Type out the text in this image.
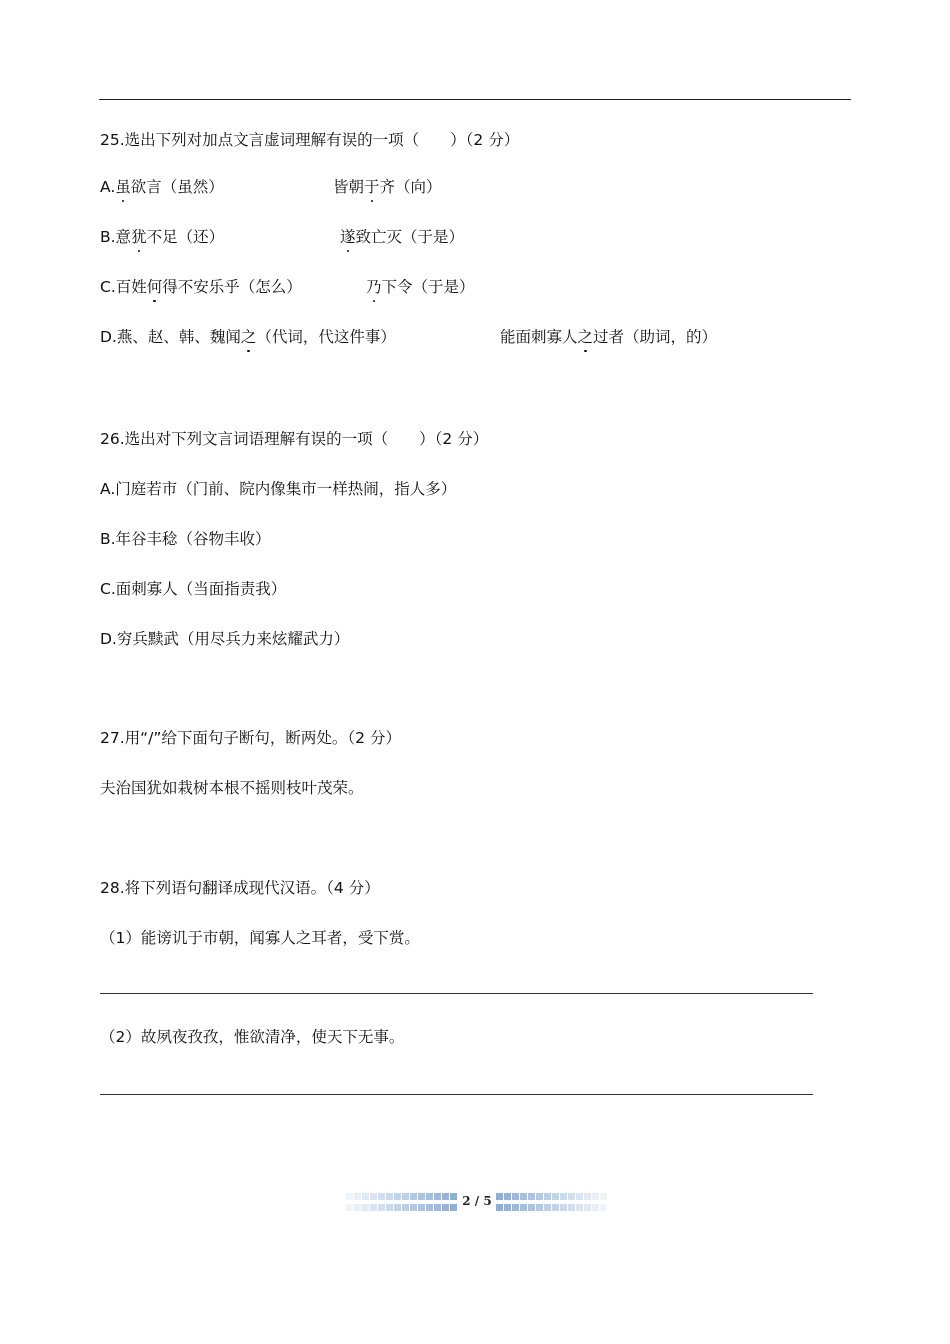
25.选出下列对加点文言虚词理解有误的一项（　　）（2 分）
A.虽欲言（虽然）	皆朝于齐（向）
B.意犹不足（还）	遂致亡灭（于是）
C.百姓何得不安乐乎（怎么）	乃下令（于是）
D.燕、赵、韩、魏闻之（代词，代这件事）	能面刺寡人之过者（助词，的）
26.选出对下列文言词语理解有误的一项（　　）（2 分）
A.门庭若市（门前、院内像集市一样热闹，指人多）
B.年谷丰稔（谷物丰收）
C.面刺寡人（当面指责我）
D.穷兵黩武（用尽兵力来炫耀武力）
27.用“/”给下面句子断句，断两处。（2 分）
夫治国犹如栽树本根不摇则枝叶茂荣。
28.将下列语句翻译成现代汉语。（4 分）
（1）能谤讥于市朝，闻寡人之耳者，受下赏。
（2）故夙夜孜孜，惟欲清净，使天下无事。
2 / 5
